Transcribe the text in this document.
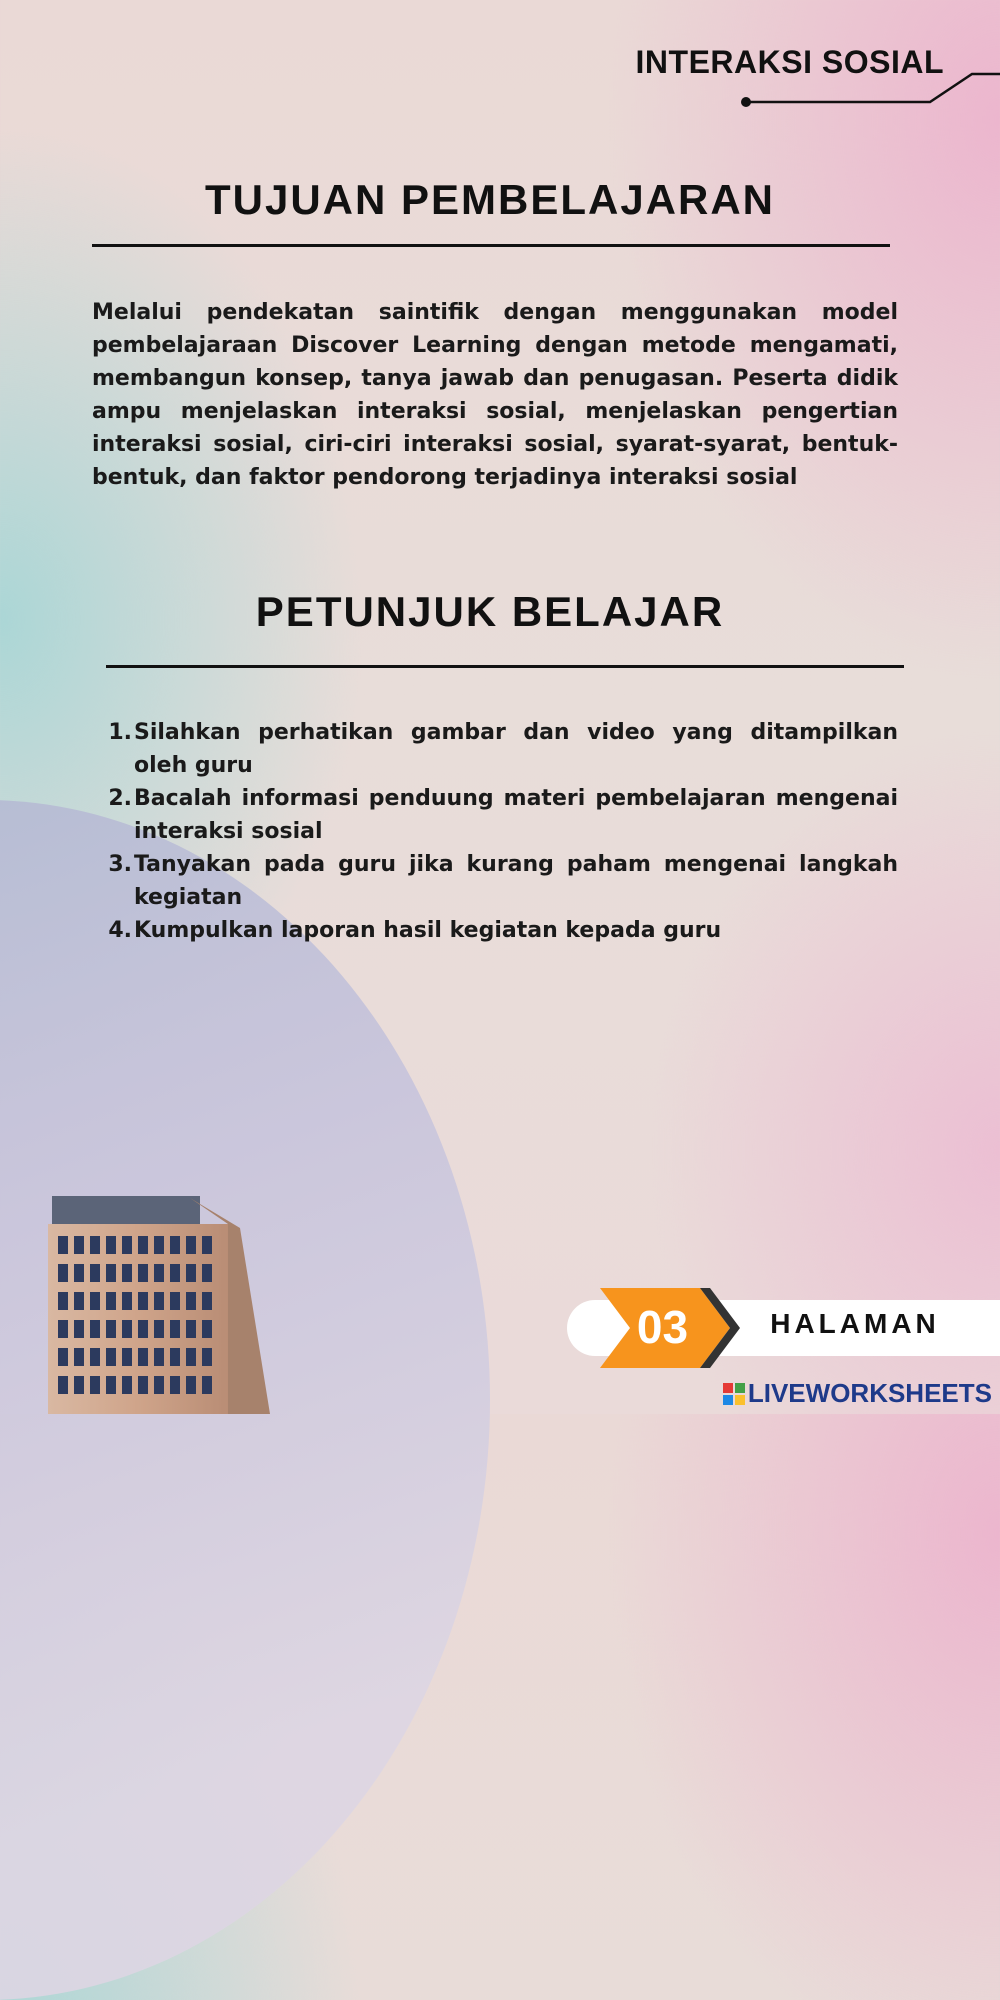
INTERAKSI SOSIAL
TUJUAN PEMBELAJARAN

Melalui pendekatan saintifik dengan menggunakan model pembelajaraan Discover Learning dengan metode mengamati, membangun konsep, tanya jawab dan penugasan. Peserta didik ampu menjelaskan interaksi sosial, menjelaskan pengertian interaksi sosial, ciri-ciri interaksi sosial, syarat-syarat, bentuk-bentuk, dan faktor pendorong terjadinya interaksi sosial

PETUNJUK BELAJAR
1. Silahkan perhatikan gambar dan video yang ditampilkan oleh guru
2. Bacalah informasi penduung materi pembelajaran mengenai interaksi sosial
3. Tanyakan pada guru jika kurang paham mengenai langkah kegiatan
4. Kumpulkan laporan hasil kegiatan kepada guru
03	HALAMAN
LIVEWORKSHEETS
